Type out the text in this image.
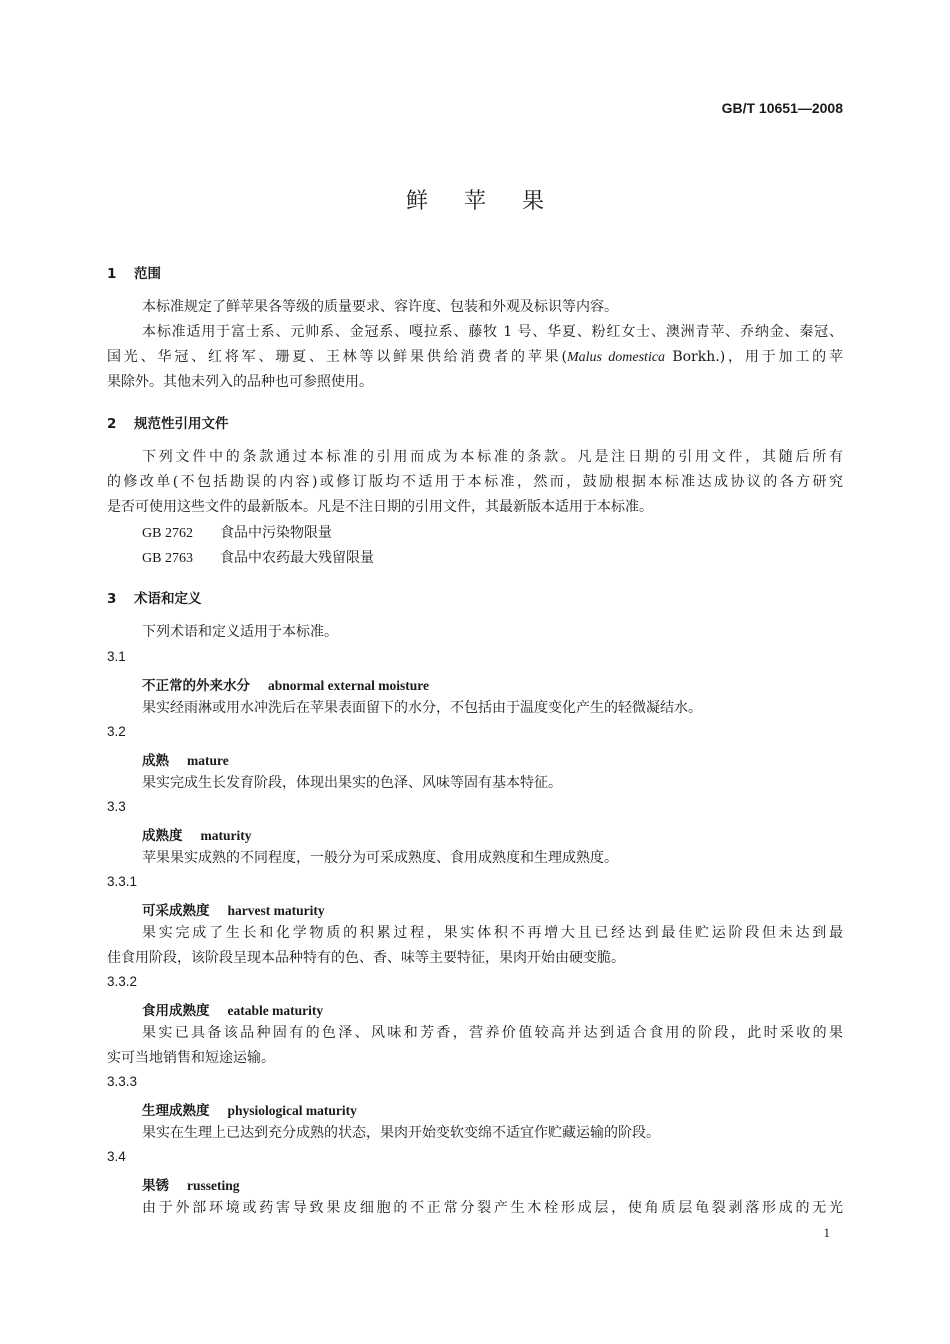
GB/T 10651—2008
鲜苹果
1 范围
本标准规定了鲜苹果各等级的质量要求、容许度、包装和外观及标识等内容。
本标准适用于富士系、元帅系、金冠系、嘎拉系、藤牧 1 号、华夏、粉红女士、澳洲青苹、乔纳金、秦冠、
国光、华冠、红将军、珊夏、王林等以鲜果供给消费者的苹果(Malus domestica Borkh.)，用于加工的苹
果除外。其他未列入的品种也可参照使用。
2 规范性引用文件
下列文件中的条款通过本标准的引用而成为本标准的条款。凡是注日期的引用文件，其随后所有
的修改单(不包括勘误的内容)或修订版均不适用于本标准，然而，鼓励根据本标准达成协议的各方研究
是否可使用这些文件的最新版本。凡是不注日期的引用文件，其最新版本适用于本标准。
GB 2762 食品中污染物限量
GB 2763 食品中农药最大残留限量
3 术语和定义
下列术语和定义适用于本标准。
3.1
不正常的外来水分 abnormal external moisture
果实经雨淋或用水冲洗后在苹果表面留下的水分，不包括由于温度变化产生的轻微凝结水。
3.2
成熟 mature
果实完成生长发育阶段，体现出果实的色泽、风味等固有基本特征。
3.3
成熟度 maturity
苹果果实成熟的不同程度，一般分为可采成熟度、食用成熟度和生理成熟度。
3.3.1
可采成熟度 harvest maturity
果实完成了生长和化学物质的积累过程，果实体积不再增大且已经达到最佳贮运阶段但未达到最
佳食用阶段，该阶段呈现本品种特有的色、香、味等主要特征，果肉开始由硬变脆。
3.3.2
食用成熟度 eatable maturity
果实已具备该品种固有的色泽、风味和芳香，营养价值较高并达到适合食用的阶段，此时采收的果
实可当地销售和短途运输。
3.3.3
生理成熟度 physiological maturity
果实在生理上已达到充分成熟的状态，果肉开始变软变绵不适宜作贮藏运输的阶段。
3.4
果锈 russeting
由于外部环境或药害导致果皮细胞的不正常分裂产生木栓形成层，使角质层龟裂剥落形成的无光
1
